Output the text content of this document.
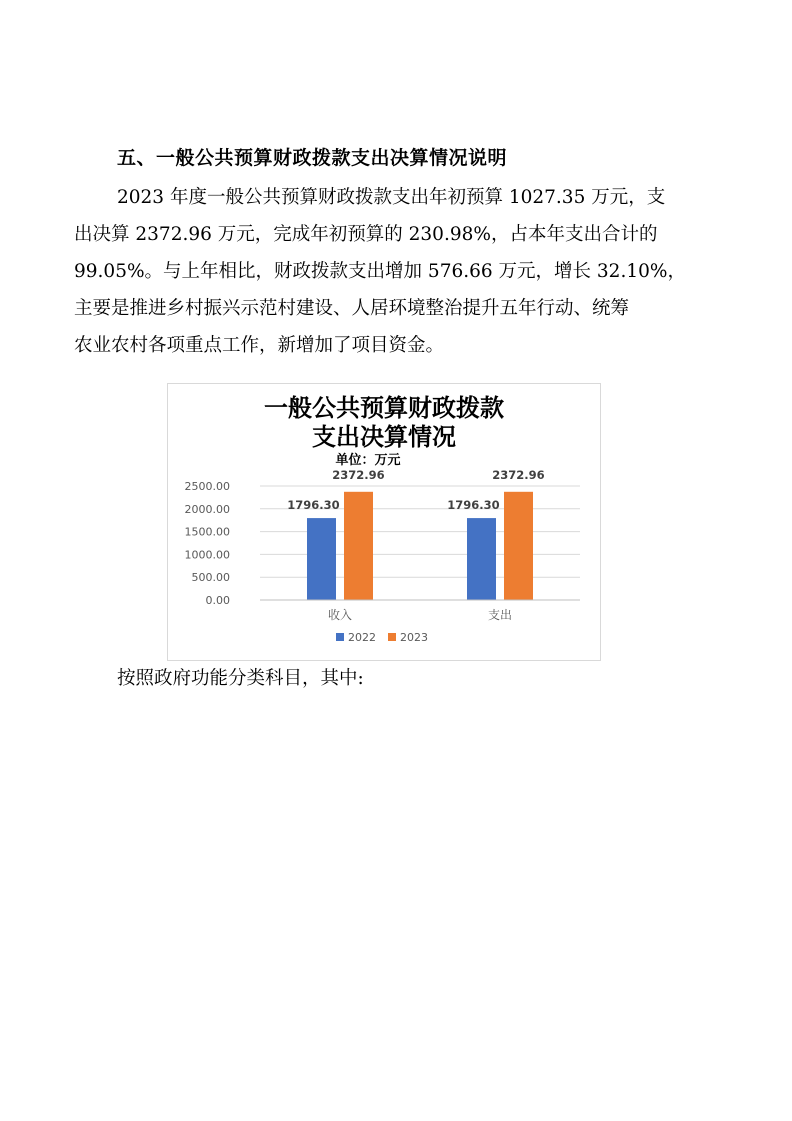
五、一般公共预算财政拨款支出决算情况说明
2023 年度一般公共预算财政拨款支出年初预算 1027.35 万元，支
出决算 2372.96 万元，完成年初预算的 230.98%，占本年支出合计的
99.05%。与上年相比，财政拨款支出增加 576.66 万元，增长 32.10%，
主要是推进乡村振兴示范村建设、人居环境整治提升五年行动、统筹
农业农村各项重点工作，新增加了项目资金。
一般公共预算财政拨款
支出决算情况
单位：万元
0.00
500.00
1000.00
1500.00
2000.00
2500.00
1796.30
2372.96
收入
1796.30
2372.96
支出
2022 2023
按照政府功能分类科目，其中:
